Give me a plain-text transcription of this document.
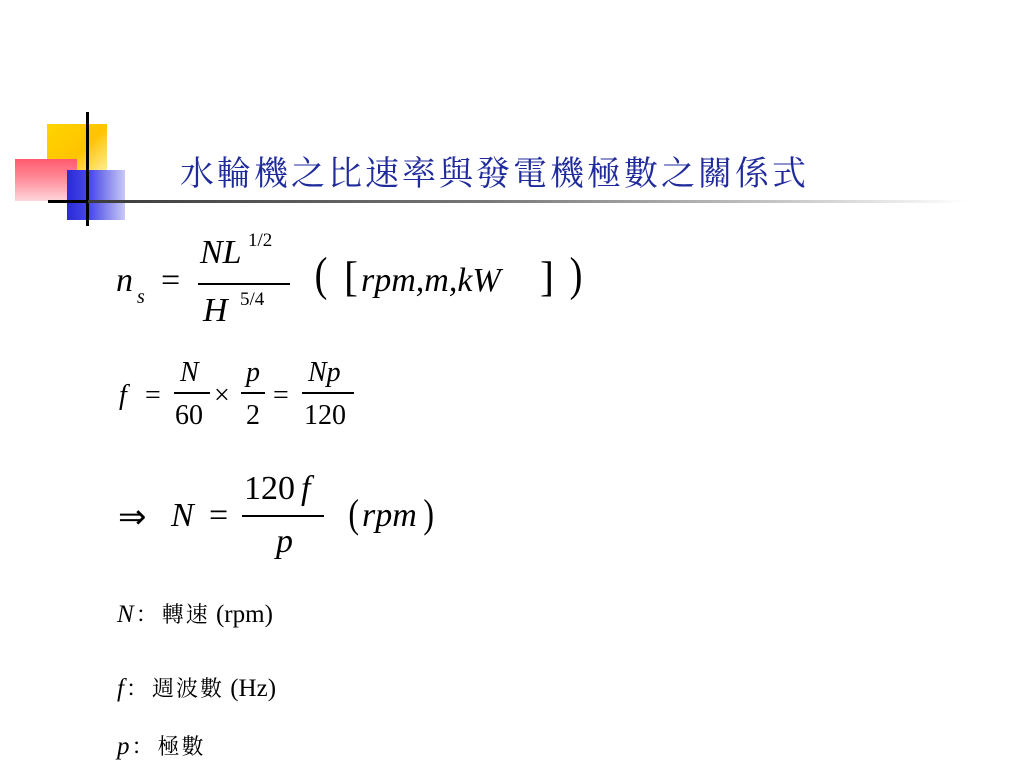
水輪機之比速率與發電機極數之關係式
n s =
NL 1/2
H 5/4 ( [ rpm,m,kW ] )
f =
N
60
×
p
2
=
Np
120
⇒ N =
120 f
p
( rpm )
N： 轉速 (rpm)
f： 週波數 (Hz)
p： 極數
